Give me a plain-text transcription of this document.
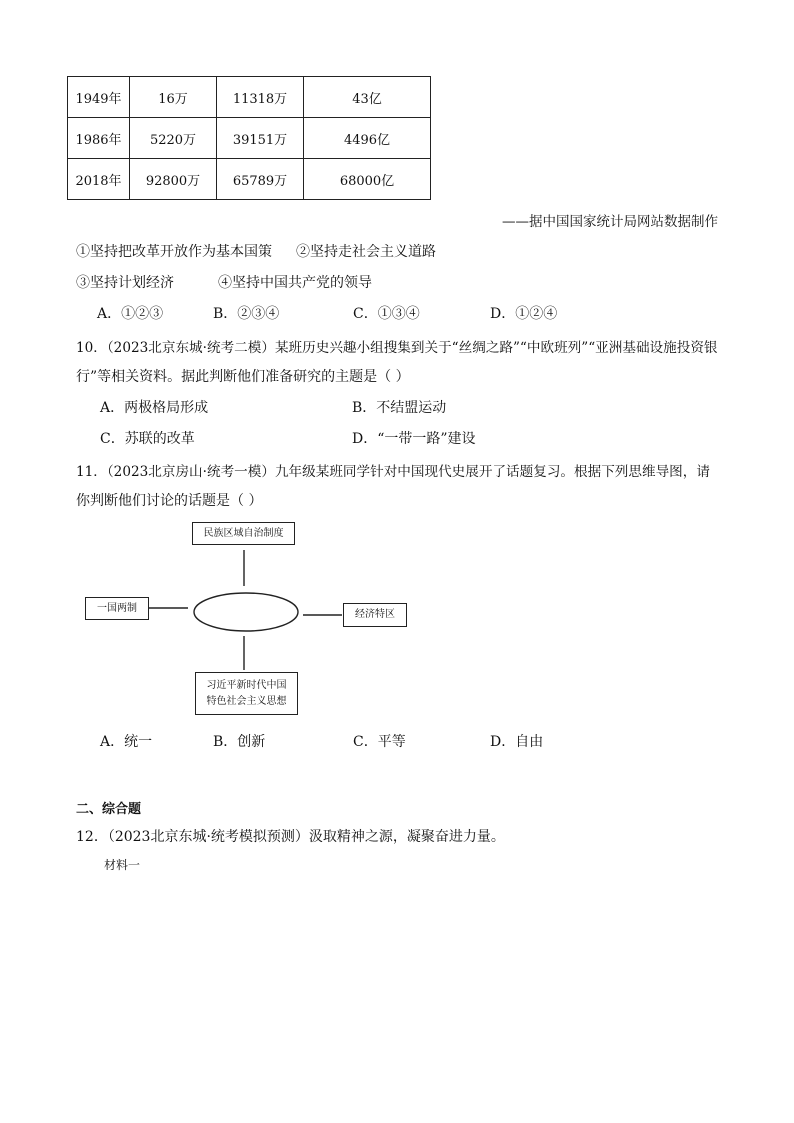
1949年	16万	11318万	43亿
1986年	5220万	39151万	4496亿
2018年	92800万	65789万	68000亿
——据中国国家统计局网站数据制作
①坚持把改革开放作为基本国策 ②坚持走社会主义道路
③坚持计划经济	④坚持中国共产党的领导
A．①②③	B．②③④	C．①③④	D．①②④
10．（2023北京东城·统考二模）某班历史兴趣小组搜集到关于“丝绸之路”“中欧班列”“亚洲基础设施投资银
行”等相关资料。据此判断他们准备研究的主题是（ ）
A．两极格局形成	B．不结盟运动
C．苏联的改革	D．“一带一路”建设
11．（2023北京房山·统考一模）九年级某班同学针对中国现代史展开了话题复习。根据下列思维导图，请
你判断他们讨论的话题是（ ）
民族区域自治制度
一国两制
经济特区
习近平新时代中国
特色社会主义思想
A．统一	B．创新	C．平等	D．自由
二、综合题
12．（2023北京东城·统考模拟预测）汲取精神之源，凝聚奋进力量。
材料一
